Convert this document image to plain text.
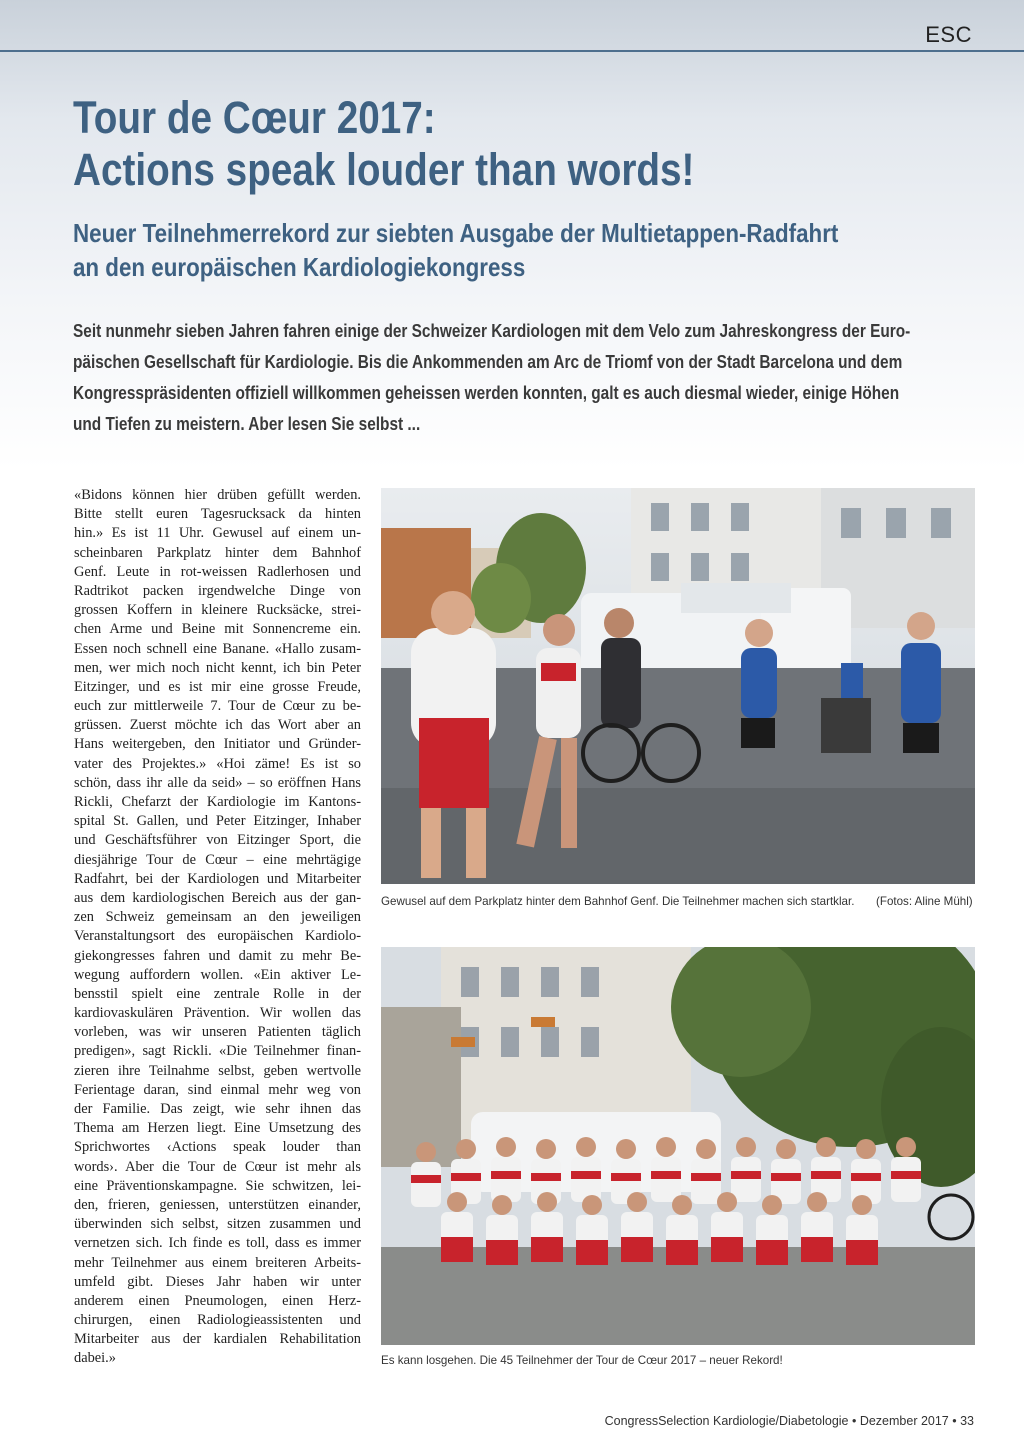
ESC
Tour de Cœur 2017:
Actions speak louder than words!
Neuer Teilnehmerrekord zur siebten Ausgabe der Multietappen-Radfahrt
an den europäischen Kardiologiekongress
Seit nunmehr sieben Jahren fahren einige der Schweizer Kardiologen mit dem Velo zum Jahreskongress der Euro-
päischen Gesellschaft für Kardiologie. Bis die Ankommenden am Arc de Triomf von der Stadt Barcelona und dem
Kongresspräsidenten offiziell willkommen geheissen werden konnten, galt es auch diesmal wieder, einige Höhen
und Tiefen zu meistern. Aber lesen Sie selbst ...
«Bidons können hier drüben gefüllt werden.
Bitte stellt euren Tagesrucksack da hinten
hin.» Es ist 11 Uhr. Gewusel auf einem un-
scheinbaren Parkplatz hinter dem Bahnhof
Genf. Leute in rot-weissen Radlerhosen und
Radtrikot packen irgendwelche Dinge von
grossen Koffern in kleinere Rucksäcke, strei-
chen Arme und Beine mit Sonnencreme ein.
Essen noch schnell eine Banane. «Hallo zusam-
men, wer mich noch nicht kennt, ich bin Peter
Eitzinger, und es ist mir eine grosse Freude,
euch zur mittlerweile 7. Tour de Cœur zu be-
grüssen. Zuerst möchte ich das Wort aber an
Hans weitergeben, den Initiator und Gründer-
vater des Projektes.» «Hoi zäme! Es ist so
schön, dass ihr alle da seid» – so eröffnen Hans
Rickli, Chefarzt der Kardiologie im Kantons-
spital St. Gallen, und Peter Eitzinger, Inhaber
und Geschäftsführer von Eitzinger Sport, die
diesjährige Tour de Cœur – eine mehrtägige
Radfahrt, bei der Kardiologen und Mitarbeiter
aus dem kardiologischen Bereich aus der gan-
zen Schweiz gemeinsam an den jeweiligen
Veranstaltungsort des europäischen Kardiolo-
giekongresses fahren und damit zu mehr Be-
wegung auffordern wollen. «Ein aktiver Le-
bensstil spielt eine zentrale Rolle in der
kardiovaskulären Prävention. Wir wollen das
vorleben, was wir unseren Patienten täglich
predigen», sagt Rickli. «Die Teilnehmer finan-
zieren ihre Teilnahme selbst, geben wertvolle
Ferientage daran, sind einmal mehr weg von
der Familie. Das zeigt, wie sehr ihnen das
Thema am Herzen liegt. Eine Umsetzung des
Sprichwortes ‹Actions speak louder than
words›. Aber die Tour de Cœur ist mehr als
eine Präventionskampagne. Sie schwitzen, lei-
den, frieren, geniessen, unterstützen einander,
überwinden sich selbst, sitzen zusammen und
vernetzen sich. Ich finde es toll, dass es immer
mehr Teilnehmer aus einem breiteren Arbeits-
umfeld gibt. Dieses Jahr haben wir unter
anderem einen Pneumologen, einen Herz-
chirurgen, einen Radiologieassistenten und
Mitarbeiter aus der kardialen Rehabilitation
dabei.»
Gewusel auf dem Parkplatz hinter dem Bahnhof Genf. Die Teilnehmer machen sich startklar. (Fotos: Aline Mühl)
Es kann losgehen. Die 45 Teilnehmer der Tour de Cœur 2017 – neuer Rekord!
CongressSelection Kardiologie/Diabetologie • Dezember 2017 • 33
